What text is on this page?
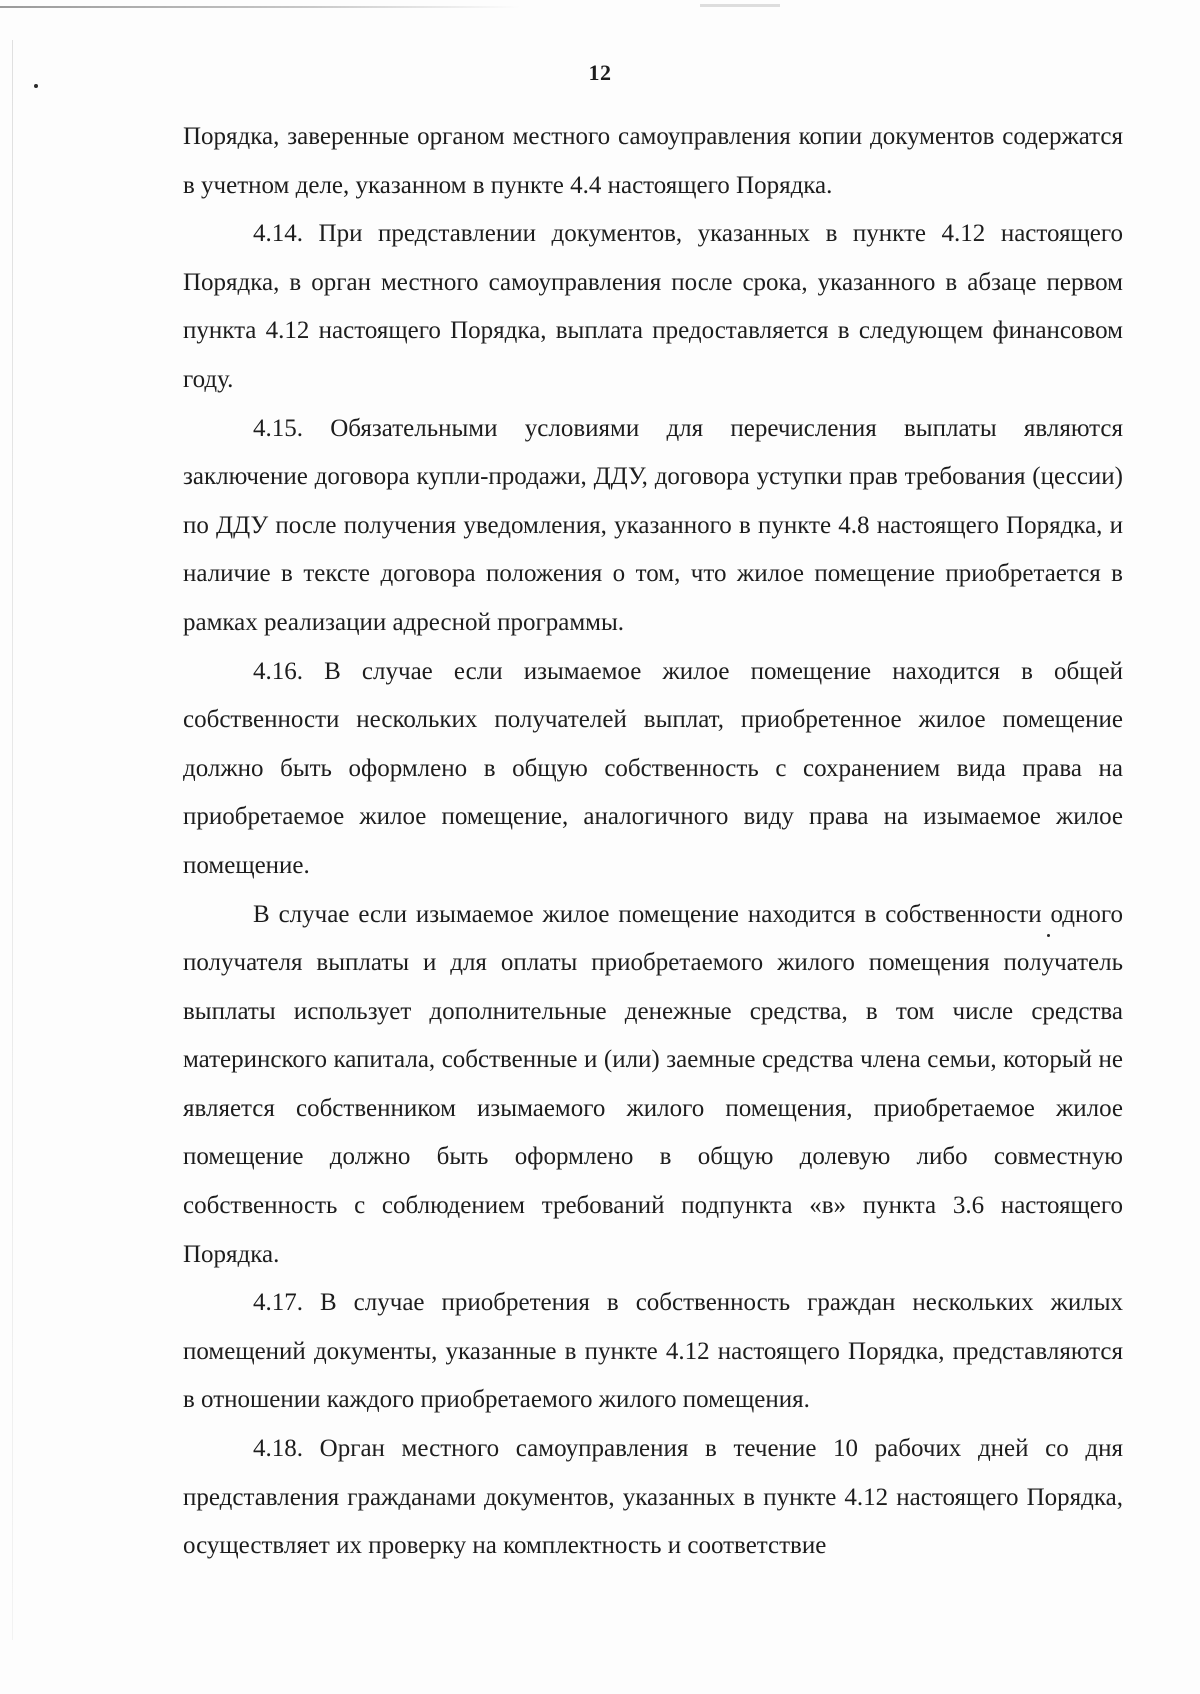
12

Порядка, заверенные органом местного самоуправления копии документов содержатся в учетном деле, указанном в пункте 4.4 настоящего Порядка.

4.14. При представлении документов, указанных в пункте 4.12 настоящего Порядка, в орган местного самоуправления после срока, указанного в абзаце первом пункта 4.12 настоящего Порядка, выплата предоставляется в следующем финансовом году.

4.15. Обязательными условиями для перечисления выплаты являются заключение договора купли-продажи, ДДУ, договора уступки прав требования (цессии) по ДДУ после получения уведомления, указанного в пункте 4.8 настоящего Порядка, и наличие в тексте договора положения о том, что жилое помещение приобретается в рамках реализации адресной программы.

4.16. В случае если изымаемое жилое помещение находится в общей собственности нескольких получателей выплат, приобретенное жилое помещение должно быть оформлено в общую собственность с сохранением вида права на приобретаемое жилое помещение, аналогичного виду права на изымаемое жилое помещение.

В случае если изымаемое жилое помещение находится в собственности одного получателя выплаты и для оплаты приобретаемого жилого помещения получатель выплаты использует дополнительные денежные средства, в том числе средства материнского капитала, собственные и (или) заемные средства члена семьи, который не является собственником изымаемого жилого помещения, приобретаемое жилое помещение должно быть оформлено в общую долевую либо совместную собственность с соблюдением требований подпункта «в» пункта 3.6 настоящего Порядка.

4.17. В случае приобретения в собственность граждан нескольких жилых помещений документы, указанные в пункте 4.12 настоящего Порядка, представляются в отношении каждого приобретаемого жилого помещения.

4.18. Орган местного самоуправления в течение 10 рабочих дней со дня представления гражданами документов, указанных в пункте 4.12 настоящего Порядка, осуществляет их проверку на комплектность и соответствие
